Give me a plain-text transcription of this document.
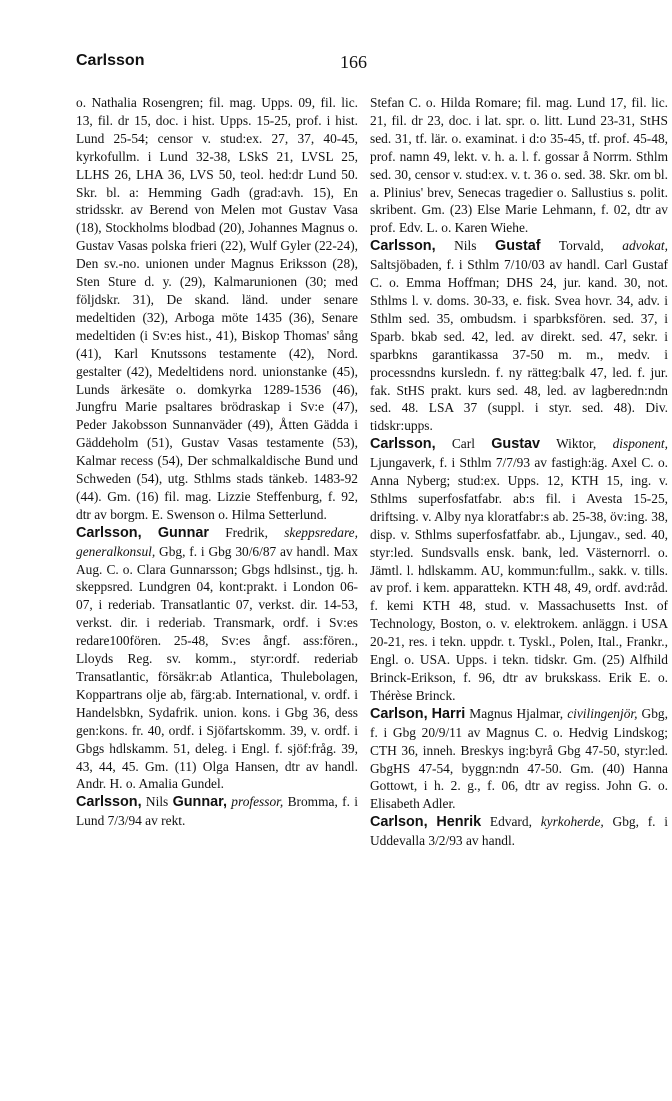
Carlsson	166
o. Nathalia Rosengren; fil. mag. Upps. 09, fil. lic. 13, fil. dr 15, doc. i hist. Upps. 15-25, prof. i hist. Lund 25-54; censor v. stud:ex. 27, 37, 40-45, kyrkofullm. i Lund 32-38, LSkS 21, LVSL 25, LLHS 26, LHA 36, LVS 50, teol. hed:dr Lund 50. Skr. bl. a: Hemming Gadh (grad:avh. 15), En stridsskr. av Berend von Melen mot Gustav Vasa (18), Stockholms blodbad (20), Johannes Magnus o. Gustav Vasas polska frieri (22), Wulf Gyler (22-24), Den sv.-no. unionen under Magnus Eriksson (28), Sten Sture d. y. (29), Kalmarunionen (30; med följdskr. 31), De skand. länd. under senare medeltiden (32), Arboga möte 1435 (36), Senare medeltiden (i Sv:es hist., 41), Biskop Thomas' sång (41), Karl Knutssons testamente (42), Nord. gestalter (42), Medeltidens nord. unionstanke (45), Lunds ärkesäte o. domkyrka 1289-1536 (46), Jungfru Marie psaltares brödraskap i Sv:e (47), Peder Jakobsson Sunnanväder (49), Åtten Gädda i Gäddeholm (51), Gustav Vasas testamente (53), Kalmar recess (54), Der schmalkaldische Bund und Schweden (54), utg. Sthlms stads tänkeb. 1483-92 (44). Gm. (16) fil. mag. Lizzie Steffenburg, f. 92, dtr av borgm. E. Swenson o. Hilma Setterlund.
Carlsson, Gunnar Fredrik, skeppsredare, generalkonsul, Gbg, f. i Gbg 30/6/87 av handl. Max Aug. C. o. Clara Gunnarsson; Gbgs hdlsinst., tjg. h. skeppsred. Lundgren 04, kont:prakt. i London 06-07, i rederiab. Transatlantic 07, verkst. dir. 14-53, verkst. dir. i rederiab. Transmark, ordf. i Sv:es redare100fören. 25-48, Sv:es ångf. ass:fören., Lloyds Reg. sv. komm., styr:ordf. rederiab Transatlantic, försäkr:ab Atlantica, Thulebolagen, Koppartrans olje ab, färg:ab. International, v. ordf. i Handelsbkn, Sydafrik. union. kons. i Gbg 36, dess gen:kons. fr. 40, ordf. i Sjöfartskomm. 39, v. ordf. i Gbgs hdlskamm. 51, deleg. i Engl. f. sjöf:fråg. 39, 43, 44, 45. Gm. (11) Olga Hansen, dtr av handl. Andr. H. o. Amalia Gundel.
Carlsson, Nils Gunnar, professor, Bromma, f. i Lund 7/3/94 av rekt.
Stefan C. o. Hilda Romare; fil. mag. Lund 17, fil. lic. 21, fil. dr 23, doc. i lat. spr. o. litt. Lund 23-31, StHS sed. 31, tf. lär. o. examinat. i d:o 35-45, tf. prof. 45-48, prof. namn 49, lekt. v. h. a. l. f. gossar å Norrm. Sthlm sed. 30, censor v. stud:ex. v. t. 36 o. sed. 38. Skr. om bl. a. Plinius' brev, Senecas tragedier o. Sallustius s. polit. skribent. Gm. (23) Else Marie Lehmann, f. 02, dtr av prof. Edv. L. o. Karen Wiehe.
Carlsson, Nils Gustaf Torvald, advokat, Saltsjöbaden, f. i Sthlm 7/10/03 av handl. Carl Gustaf C. o. Emma Hoffman; DHS 24, jur. kand. 30, not. Sthlms l. v. doms. 30-33, e. fisk. Svea hovr. 34, adv. i Sthlm sed. 35, ombudsm. i sparbksfören. sed. 37, i Sparb. bkab sed. 42, led. av direkt. sed. 47, sekr. i sparbkns garantikassa 37-50 m. m., medv. i processndns kursledn. f. ny rätteg:balk 47, led. f. jur. fak. StHS prakt. kurs sed. 48, led. av lagberedn:ndn sed. 48. LSA 37 (suppl. i styr. sed. 48). Div. tidskr:upps.
Carlsson, Carl Gustav Wiktor, disponent, Ljungaverk, f. i Sthlm 7/7/93 av fastigh:äg. Axel C. o. Anna Nyberg; stud:ex. Upps. 12, KTH 15, ing. v. Sthlms superfosfatfabr. ab:s fil. i Avesta 15-25, driftsing. v. Alby nya kloratfabr:s ab. 25-38, öv:ing. 38, disp. v. Sthlms superfosfatfabr. ab., Ljungav., sed. 40, styr:led. Sundsvalls ensk. bank, led. Västernorrl. o. Jämtl. l. hdlskamm. AU, kommun:fullm., sakk. v. tills. av prof. i kem. apparattekn. KTH 48, 49, ordf. avd:råd. f. kemi KTH 48, stud. v. Massachusetts Inst. of Technology, Boston, o. v. elektrokem. anläggn. i USA 20-21, res. i tekn. uppdr. t. Tyskl., Polen, Ital., Frankr., Engl. o. USA. Upps. i tekn. tidskr. Gm. (25) Alfhild Brinck-Erikson, f. 96, dtr av brukskass. Erik E. o. Thérèse Brinck.
Carlson, Harri Magnus Hjalmar, civilingenjör, Gbg, f. i Gbg 20/9/11 av Magnus C. o. Hedvig Lindskog; CTH 36, inneh. Breskys ing:byrå Gbg 47-50, styr:led. GbgHS 47-54, byggn:ndn 47-50. Gm. (40) Hanna Gottowt, i h. 2. g., f. 06, dtr av regiss. John G. o. Elisabeth Adler.
Carlson, Henrik Edvard, kyrkoherde, Gbg, f. i Uddevalla 3/2/93 av handl.
